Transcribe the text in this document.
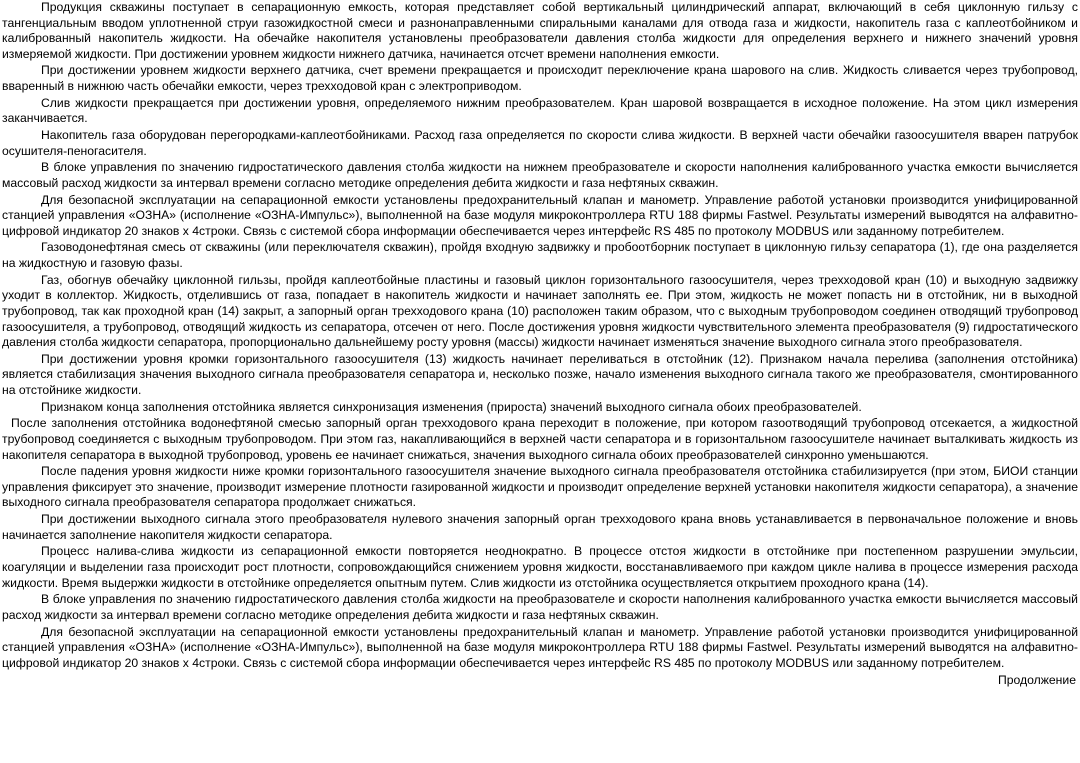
Продукция скважины поступает в сепарационную емкость, которая представляет собой вертикальный цилиндрический аппарат, включающий в себя циклонную гильзу с тангенциальным вводом уплотненной струи газожидкостной смеси и разнонаправленными спиральными каналами для отвода газа и жидкости, накопитель газа с каплеотбойником и калиброванный накопитель жидкости. На обечайке накопителя установлены преобразователи давления столба жидкости для определения верхнего и нижнего значений уровня измеряемой жидкости. При достижении уровнем жидкости нижнего датчика, начинается отсчет времени наполнения емкости.

При достижении уровнем жидкости верхнего датчика, счет времени прекращается и происходит переключение крана шарового на слив. Жидкость сливается через трубопровод, вваренный в нижнюю часть обечайки емкости, через трехходовой кран с электроприводом.

Слив жидкости прекращается при достижении уровня, определяемого нижним преобразователем. Кран шаровой возвращается в исходное положение. На этом цикл измерения заканчивается.

Накопитель газа оборудован перегородками-каплеотбойниками. Расход газа определяется по скорости слива жидкости. В верхней части обечайки газоосушителя вварен патрубок осушителя-пеногасителя.

В блоке управления по значению гидростатического давления столба жидкости на нижнем преобразователе и скорости наполнения калиброванного участка емкости вычисляется массовый расход жидкости за интервал времени согласно методике определения дебита жидкости и газа нефтяных скважин.

Для безопасной эксплуатации на сепарационной емкости установлены предохранительный клапан и манометр. Управление работой установки производится унифицированной станцией управления «ОЗНА» (исполнение «ОЗНА-Импульс»), выполненной на базе модуля микроконтроллера RTU 188 фирмы Fastwel. Результаты измерений выводятся на алфавитно-цифровой индикатор 20 знаков х 4строки. Связь с системой сбора информации обеспечивается через интерфейс RS 485 по протоколу MODBUS или заданному потребителем.

Газоводонефтяная смесь от скважины (или переключателя скважин), пройдя входную задвижку и пробоотборник поступает в циклонную гильзу сепаратора (1), где она разделяется на жидкостную и газовую фазы.

Газ, обогнув обечайку циклонной гильзы, пройдя каплеотбойные пластины и газовый циклон горизонтального газоосушителя, через трехходовой кран (10) и выходную задвижку уходит в коллектор. Жидкость, отделившись от газа, попадает в накопитель жидкости и начинает заполнять ее. При этом, жидкость не может попасть ни в отстойник, ни в выходной трубопровод, так как проходной кран (14) закрыт, а запорный орган трехходового крана (10) расположен таким образом, что с выходным трубопроводом соединен отводящий трубопровод газоосушителя, а трубопровод, отводящий жидкость из сепаратора, отсечен от него. После достижения уровня жидкости чувствительного элемента преобразователя (9) гидростатического давления столба жидкости сепаратора, пропорционально дальнейшему росту уровня (массы) жидкости начинает изменяться значение выходного сигнала этого преобразователя.

При достижении уровня кромки горизонтального газоосушителя (13) жидкость начинает переливаться в отстойник (12). Признаком начала перелива (заполнения отстойника) является стабилизация значения выходного сигнала преобразователя сепаратора и, несколько позже, начало изменения выходного сигнала такого же преобразователя, смонтированного на отстойнике жидкости.

Признаком конца заполнения отстойника является синхронизация изменения (прироста) значений выходного сигнала обоих преобразователей.

После заполнения отстойника водонефтяной смесью запорный орган трехходового крана переходит в положение, при котором газоотводящий трубопровод отсекается, а жидкостной трубопровод соединяется с выходным трубопроводом. При этом газ, накапливающийся в верхней части сепаратора и в горизонтальном газоосушителе начинает выталкивать жидкость из накопителя сепаратора в выходной трубопровод, уровень ее начинает снижаться, значения выходного сигнала обоих преобразователей синхронно уменьшаются.

После падения уровня жидкости ниже кромки горизонтального газоосушителя значение выходного сигнала преобразователя отстойника стабилизируется (при этом, БИОИ станции управления фиксирует это значение, производит измерение плотности газированной жидкости и производит определение верхней установки накопителя жидкости сепаратора), а значение выходного сигнала преобразователя сепаратора продолжает снижаться.

При достижении выходного сигнала этого преобразователя нулевого значения запорный орган трехходового крана вновь устанавливается в первоначальное положение и вновь начинается заполнение накопителя жидкости сепаратора.

Процесс налива-слива жидкости из сепарационной емкости повторяется неоднократно. В процессе отстоя жидкости в отстойнике при постепенном разрушении эмульсии, коагуляции и выделении газа происходит рост плотности, сопровождающийся снижением уровня жидкости, восстанавливаемого при каждом цикле налива в процессе измерения расхода жидкости. Время выдержки жидкости в отстойнике определяется опытным путем. Слив жидкости из отстойника осуществляется открытием проходного крана (14).

В блоке управления по значению гидростатического давления столба жидкости на преобразователе и скорости наполнения калиброванного участка емкости вычисляется массовый расход жидкости за интервал времени согласно методике определения дебита жидкости и газа нефтяных скважин.

Для безопасной эксплуатации на сепарационной емкости установлены предохранительный клапан и манометр. Управление работой установки производится унифицированной станцией управления «ОЗНА» (исполнение «ОЗНА-Импульс»), выполненной на базе модуля микроконтроллера RTU 188 фирмы Fastwel. Результаты измерений выводятся на алфавитно-цифровой индикатор 20 знаков х 4строки. Связь с системой сбора информации обеспечивается через интерфейс RS 485 по протоколу MODBUS или заданному потребителем.

Продолжение
